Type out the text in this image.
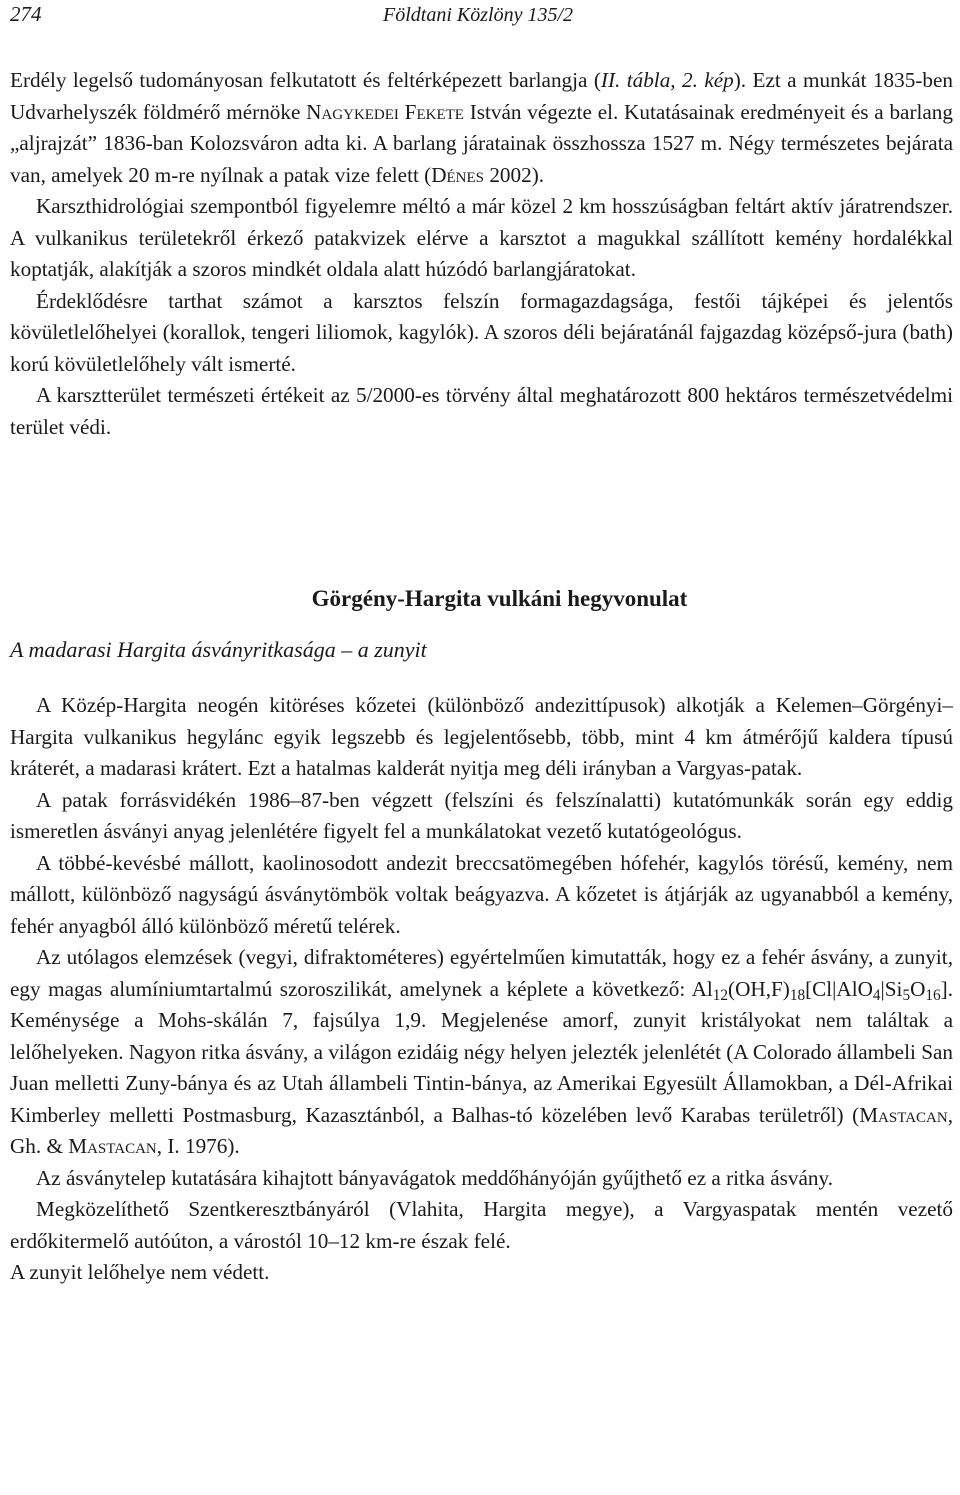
274	Földtani Közlöny 135/2

Erdély legelső tudományosan felkutatott és feltérképezett barlangja (II. tábla, 2. kép). Ezt a munkát 1835-ben Udvarhelyszék földmérő mérnöke Nagykedei Fekete István végezte el. Kutatásainak eredményeit és a barlang „aljrajzát” 1836-ban Kolozsváron adta ki. A barlang járatainak összhossza 1527 m. Négy természetes bejárata van, amelyek 20 m-re nyílnak a patak vize felett (Dénes 2002).

Karszthidrológiai szempontból figyelemre méltó a már közel 2 km hosszúságban feltárt aktív járatrendszer. A vulkanikus területekről érkező patakvizek elérve a karsztot a magukkal szállított kemény hordalékkal koptatják, alakítják a szoros mindkét oldala alatt húzódó barlangjáratokat.

Érdeklődésre tarthat számot a karsztos felszín formagazdagsága, festői tájképei és jelentős kövületlelőhelyei (korallok, tengeri liliomok, kagylók). A szoros déli bejáratánál fajgazdag középső-jura (bath) korú kövületlelőhely vált ismerté.

A karsztterület természeti értékeit az 5/2000-es törvény által meghatározott 800 hektáros természetvédelmi terület védi.

Görgény-Hargita vulkáni hegyvonulat
A madarasi Hargita ásványritkasága – a zunyit

A Közép-Hargita neogén kitöréses kőzetei (különböző andezittípusok) alkotják a Kelemen–Görgényi–Hargita vulkanikus hegylánc egyik legszebb és legjelentősebb, több, mint 4 km átmérőjű kaldera típusú kráterét, a madarasi krátert. Ezt a hatalmas kalderát nyitja meg déli irányban a Vargyas-patak.

A patak forrásvidékén 1986–87-ben végzett (felszíni és felszínalatti) kutatómunkák során egy eddig ismeretlen ásványi anyag jelenlétére figyelt fel a munkálatokat vezető kutatógeológus.

A többé-kevésbé mállott, kaolinosodott andezit breccsatömegében hófehér, kagylós törésű, kemény, nem mállott, különböző nagyságú ásványtömbök voltak beágyazva. A kőzetet is átjárják az ugyanabból a kemény, fehér anyagból álló különböző méretű telérek.

Az utólagos elemzések (vegyi, difraktométeres) egyértelműen kimutatták, hogy ez a fehér ásvány, a zunyit, egy magas alumíniumtartalmú szoroszilikát, amelynek a képlete a következő: $Al_{12}(OH,F)_{18}[Cl|AlO_4|Si_5O_{16}]$. Keménysége a Mohs-skálán 7, fajsúlya 1,9. Megjelenése amorf, zunyit kristályokat nem találtak a lelőhelyeken. Nagyon ritka ásvány, a világon ezidáig négy helyen jelezték jelenlétét (A Colorado állambeli San Juan melletti Zuny-bánya és az Utah állambeli Tintin-bánya, az Amerikai Egyesült Államokban, a Dél-Afrikai Kimberley melletti Postmasburg, Kazasztánból, a Balhas-tó közelében levő Karabas területről) (Mastacan, Gh. & Mastacan, I. 1976).

Az ásványtelep kutatására kihajtott bányavágatok meddőhányóján gyűjthető ez a ritka ásvány.

Megközelíthető Szentkeresztbányáról (Vlahita, Hargita megye), a Vargyaspatak mentén vezető erdőkitermelő autóúton, a várostól 10–12 km-re észak felé.

A zunyit lelőhelye nem védett.
